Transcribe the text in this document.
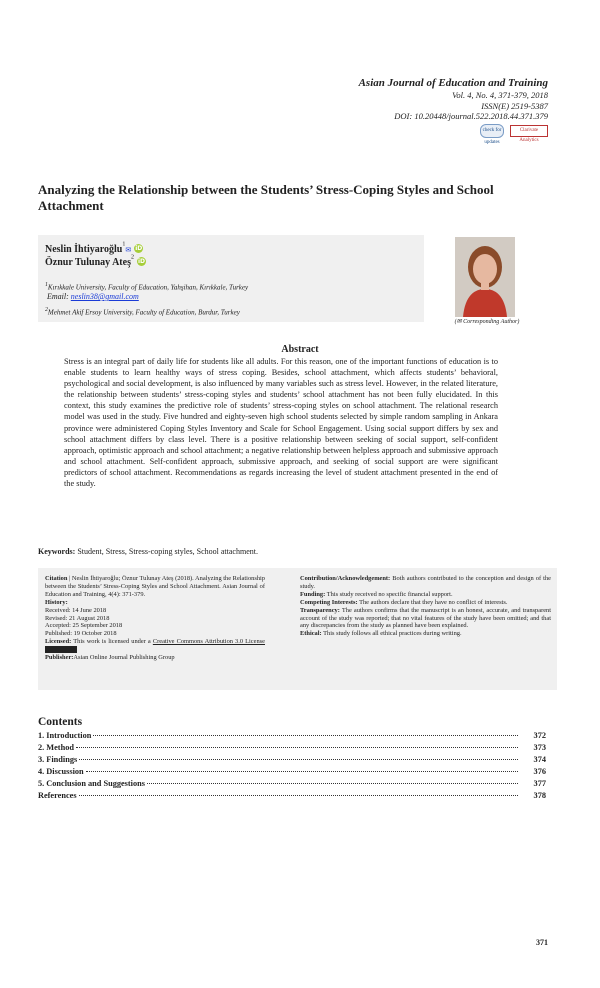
Asian Journal of Education and Training
Vol. 4, No. 4, 371-379, 2018
ISSN(E) 2519-5387
DOI: 10.20448/journal.522.2018.44.371.379
check for updates
Clarivate Analytics
Analyzing the Relationship between the Students’ Stress-Coping Styles and School Attachment
Neslin İhtiyaroğlu$^1$✉ iD
Öznur Tulunay Ateş$^2$iD
$^1$Kırıkkale University, Faculty of Education, Yahşihan, Kırıkkale, Turkey
Email: neslin38@gmail.com
$^2$Mehmet Akif Ersoy University, Faculty of Education, Burdur, Turkey
(✉ Corresponding Author)
Abstract
Stress is an integral part of daily life for students like all adults. For this reason, one of the important functions of education is to enable students to learn healthy ways of stress coping. Besides, school attachment, which affects students’ behavioral, psychological and social development, is also influenced by many variables such as stress level. However, in the related literature, the relationship between students’ stress-coping styles and students’ school attachment has not been fully elucidated. In this context, this study examines the predictive role of students’ stress-coping styles on school attachment. The relational research model was used in the study. Five hundred and eighty-seven high school students selected by simple random sampling in Ankara province were administered Coping Styles Inventory and Scale for School Engagement. Using social support differs by sex and school attachment differs by class level. There is a positive relationship between seeking of social support, self-confident approach, optimistic approach and school attachment; a negative relationship between helpless approach and submissive approach and school attachment. Self-confident approach, submissive approach, and seeking of social support are were significant predictors of school attachment. Recommendations as regards increasing the level of student attachment presented in the end of the study.
Keywords: Student, Stress, Stress-coping styles, School attachment.
Citation | Neslin İhtiyaroğlu; Öznur Tulunay Ateş (2018). Analyzing the Relationship between the Students’ Stress-Coping Styles and School Attachment. Asian Journal of Education and Training, 4(4): 371-379.
History:
Received: 14 June 2018
Revised: 21 August 2018
Accepted: 25 September 2018
Published: 19 October 2018
Licensed: This work is licensed under a Creative Commons Attribution 3.0 License
Publisher:Asian Online Journal Publishing Group
Contribution/Acknowledgement: Both authors contributed to the conception and design of the study.
Funding: This study received no specific financial support.
Competing Interests: The authors declare that they have no conflict of interests.
Transparency: The authors confirms that the manuscript is an honest, accurate, and transparent account of the study was reported; that no vital features of the study have been omitted; and that any discrepancies from the study as planned have been explained.
Ethical: This study follows all ethical practices during writing.
Contents
1. Introduction	372
2. Method	373
3. Findings	374
4. Discussion	376
5. Conclusion and Suggestions	377
References	378
371
